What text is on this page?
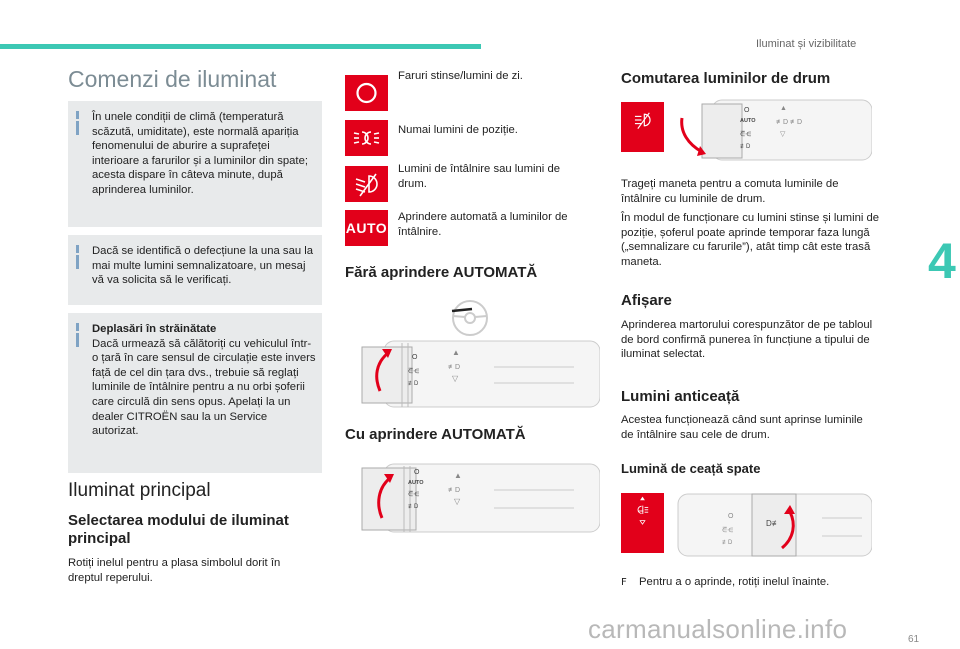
Iluminat și vizibilitate
4
Comenzi de iluminat
În unele condiții de climă (temperatură scăzută, umiditate), este normală apariția fenomenului de aburire a suprafeței interioare a farurilor și a luminilor din spate; acesta dispare în câteva minute, după aprinderea luminilor.
Dacă se identifică o defecțiune la una sau la mai multe lumini semnalizatoare, un mesaj vă va solicita să le verificați.
Deplasări în străinătate
Dacă urmează să călătoriți cu vehiculul într-o țară în care sensul de circulație este invers față de cel din țara dvs., trebuie să reglați luminile de întâlnire pentru a nu orbi șoferii care circulă din sens opus. Apelați la un dealer CITROËN sau la un Service autorizat.
Iluminat principal
Selectarea modului de iluminat principal
Rotiți inelul pentru a plasa simbolul dorit în dreptul reperului.
Faruri stinse/lumini de zi.
Numai lumini de poziție.
Lumini de întâlnire sau lumini de drum.
AUTO
Aprindere automată a luminilor de întâlnire.
Fără aprindere AUTOMATĂ
O
⋶⋲
≢D
▲
≢D
▽
Cu aprindere AUTOMATĂ
O
AUTO
⋶⋲
≢D
▲
≢D
▽
Comutarea luminilor de drum
O
AUTO
⋶⋲
≢D
▲
≢D ≢D
▽
Trageți maneta pentru a comuta luminile de întâlnire cu luminile de drum.
În modul de funcționare cu lumini stinse și lumini de poziție, șoferul poate aprinde temporar faza lungă („semnalizare cu farurile”), atât timp cât este trasă maneta.
Afișare
Aprinderea martorului corespunzător de pe tabloul de bord confirmă punerea în funcțiune a tipului de iluminat selectat.
Lumini anticeață
Acestea funcționează când sunt aprinse luminile de întâlnire sau cele de drum.
Lumină de ceață spate
O
⋶⋲
≢D
D≢
F Pentru a o aprinde, rotiți inelul înainte.
61
carmanualsonline.info
